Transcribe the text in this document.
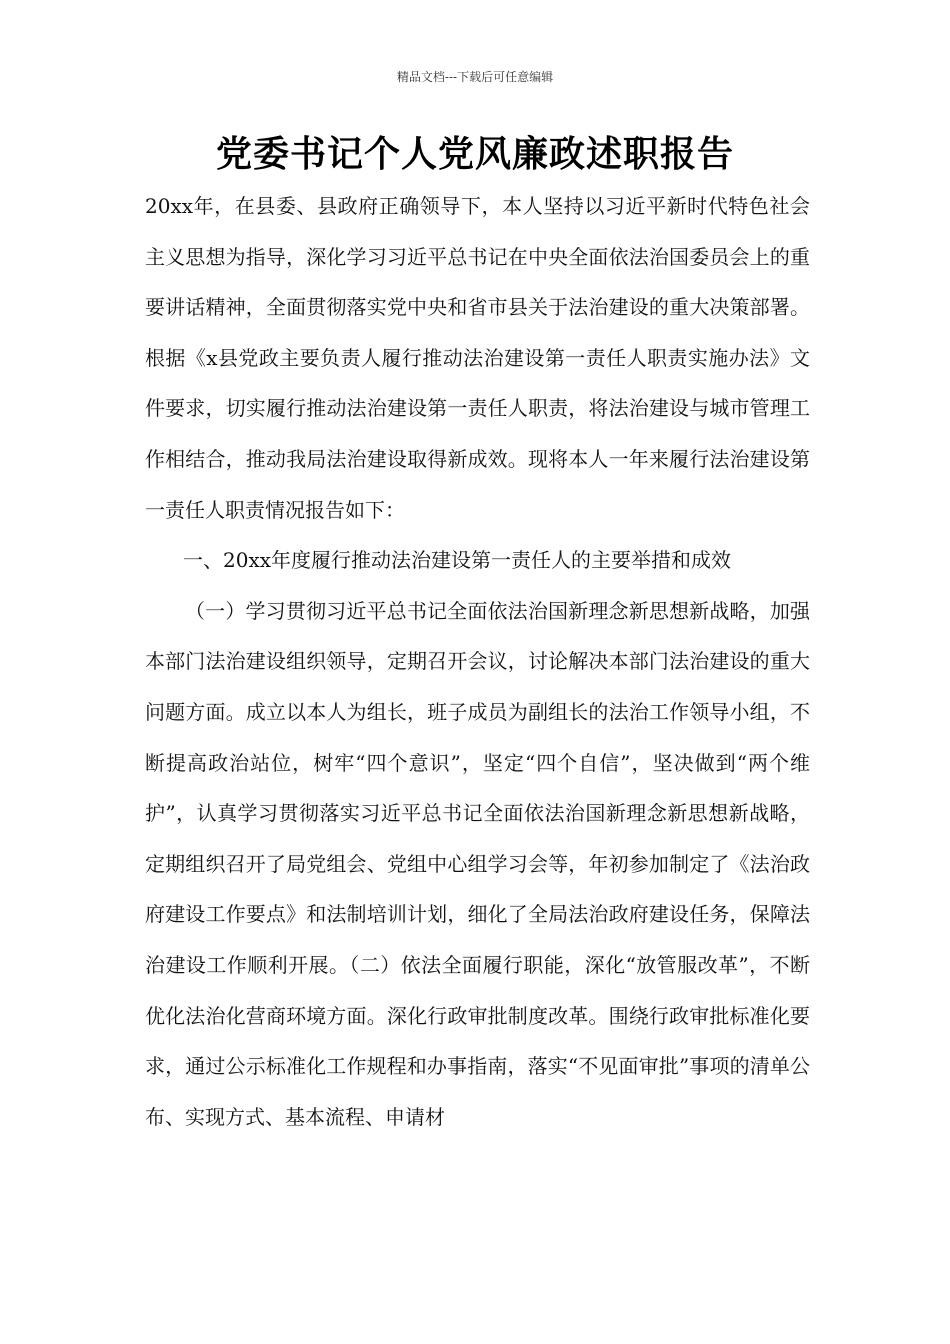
精品文档---下载后可任意编辑
党委书记个人党风廉政述职报告

20xx年，在县委、县政府正确领导下，本人坚持以习近平新时代特色社会主义思想为指导，深化学习习近平总书记在中央全面依法治国委员会上的重要讲话精神，全面贯彻落实党中央和省市县关于法治建设的重大决策部署。根据《x县党政主要负责人履行推动法治建设第一责任人职责实施办法》文件要求，切实履行推动法治建设第一责任人职责，将法治建设与城市管理工作相结合，推动我局法治建设取得新成效。现将本人一年来履行法治建设第一责任人职责情况报告如下：

一、20xx年度履行推动法治建设第一责任人的主要举措和成效

（一）学习贯彻习近平总书记全面依法治国新理念新思想新战略，加强本部门法治建设组织领导，定期召开会议，讨论解决本部门法治建设的重大问题方面。成立以本人为组长，班子成员为副组长的法治工作领导小组，不断提高政治站位，树牢“四个意识”，坚定“四个自信”，坚决做到“两个维护”，认真学习贯彻落实习近平总书记全面依法治国新理念新思想新战略，定期组织召开了局党组会、党组中心组学习会等，年初参加制定了《法治政府建设工作要点》和法制培训计划，细化了全局法治政府建设任务，保障法治建设工作顺利开展。（二）依法全面履行职能，深化“放管服改革”，不断优化法治化营商环境方面。深化行政审批制度改革。围绕行政审批标准化要求，通过公示标准化工作规程和办事指南，落实“不见面审批”事项的清单公布、实现方式、基本流程、申请材
